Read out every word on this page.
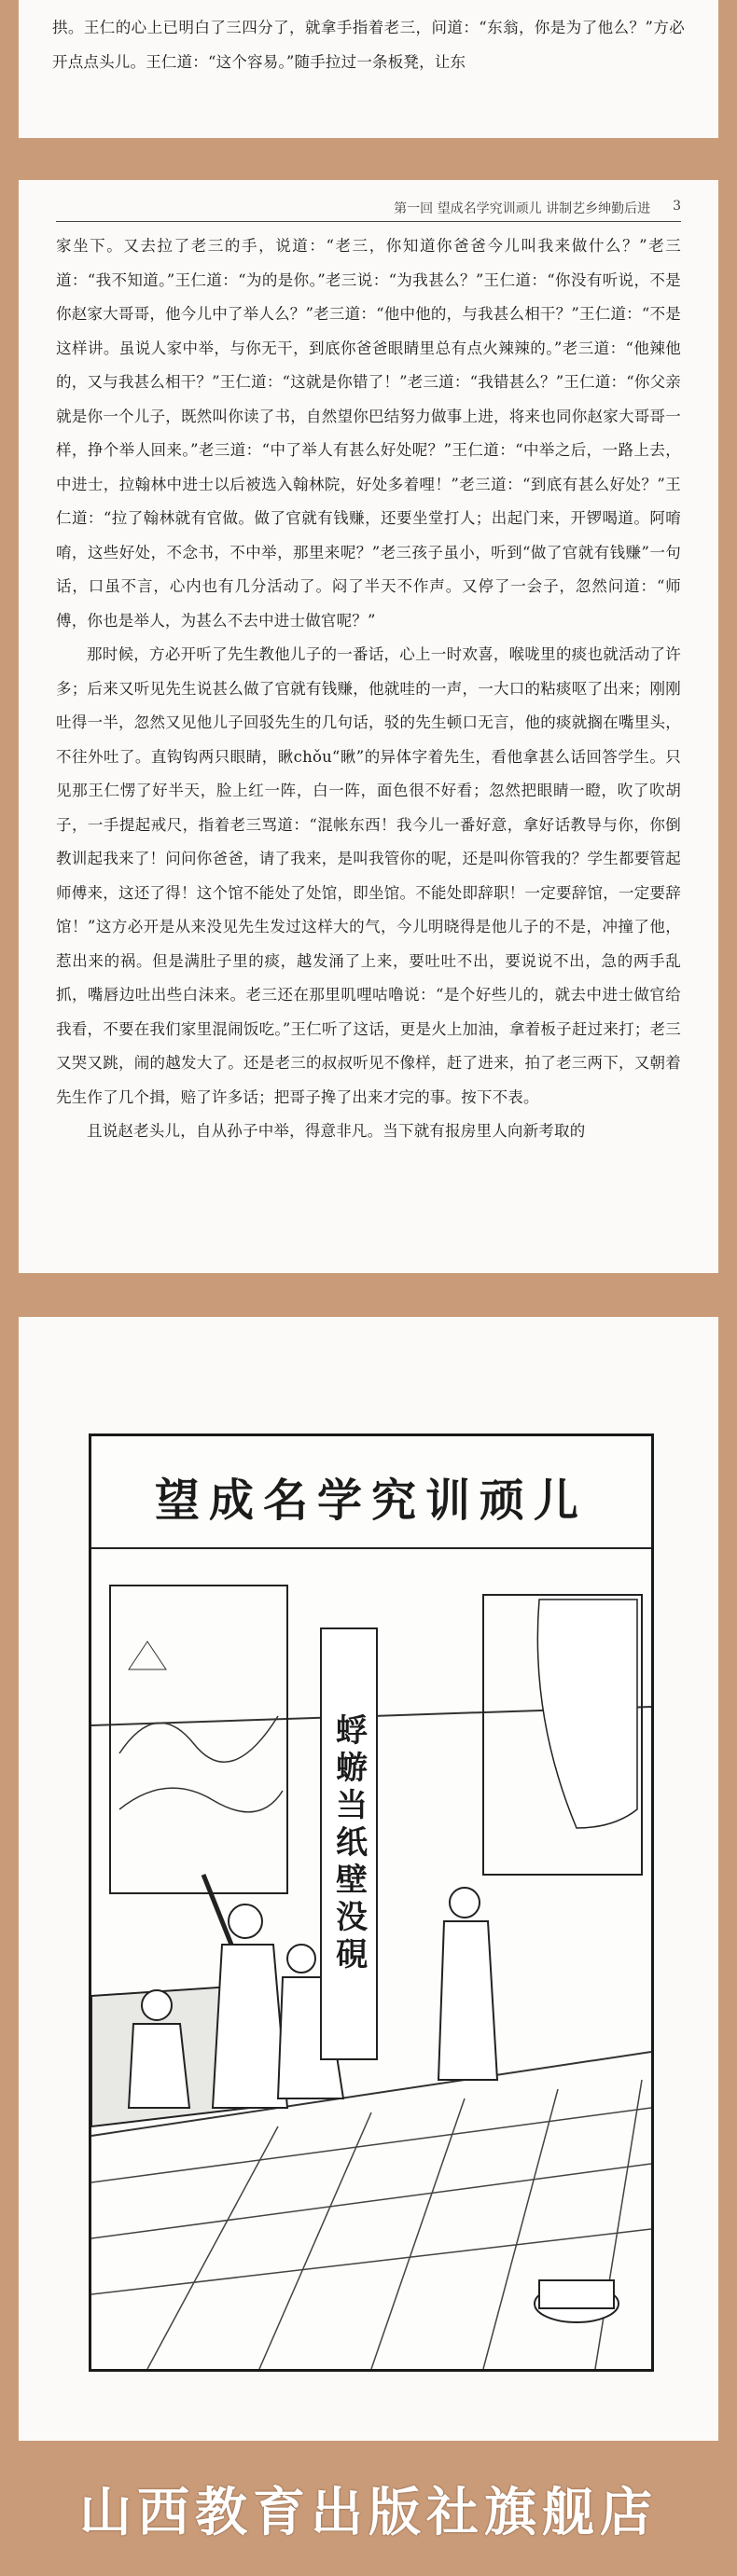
拱。王仁的心上已明白了三四分了，就拿手指着老三，问道：“东翁，你是为了他么？”方必开点点头儿。王仁道：“这个容易。”随手拉过一条板凳，让东
第一回 望成名学究训顽儿 讲制艺乡绅勤后进 3

家坐下。又去拉了老三的手，说道：“老三，你知道你爸爸今儿叫我来做什么？”老三道：“我不知道。”王仁道：“为的是你。”老三说：“为我甚么？”王仁道：“你没有听说，不是你赵家大哥哥，他今儿中了举人么？”老三道：“他中他的，与我甚么相干？”王仁道：“不是这样讲。虽说人家中举，与你无干，到底你爸爸眼睛里总有点火辣辣的。”老三道：“他辣他的，又与我甚么相干？”王仁道：“这就是你错了！”老三道：“我错甚么？”王仁道：“你父亲就是你一个儿子，既然叫你读了书，自然望你巴结努力做事上进，将来也同你赵家大哥哥一样，挣个举人回来。”老三道：“中了举人有甚么好处呢？”王仁道：“中举之后，一路上去，中进士，拉翰林中进士以后被选入翰林院，好处多着哩！”老三道：“到底有甚么好处？”王仁道：“拉了翰林就有官做。做了官就有钱赚，还要坐堂打人；出起门来，开锣喝道。阿唷唷，这些好处，不念书，不中举，那里来呢？”老三孩子虽小，听到“做了官就有钱赚”一句话，口虽不言，心内也有几分活动了。闷了半天不作声。又停了一会子，忽然问道：“师傅，你也是举人，为甚么不去中进士做官呢？”

那时候，方必开听了先生教他儿子的一番话，心上一时欢喜，喉咙里的痰也就活动了许多；后来又听见先生说甚么做了官就有钱赚，他就哇的一声，一大口的粘痰呕了出来；刚刚吐得一半，忽然又见他儿子回驳先生的几句话，驳的先生顿口无言，他的痰就搁在嘴里头，不往外吐了。直钩钩两只眼睛，瞅chǒu“瞅”的异体字着先生，看他拿甚么话回答学生。只见那王仁愣了好半天，脸上红一阵，白一阵，面色很不好看；忽然把眼睛一瞪，吹了吹胡子，一手提起戒尺，指着老三骂道：“混帐东西！我今儿一番好意，拿好话教导与你，你倒教训起我来了！问问你爸爸，请了我来，是叫我管你的呢，还是叫你管我的？学生都要管起师傅来，这还了得！这个馆不能处了处馆，即坐馆。不能处即辞职！一定要辞馆，一定要辞馆！”这方必开是从来没见先生发过这样大的气，今儿明晓得是他儿子的不是，冲撞了他，惹出来的祸。但是满肚子里的痰，越发涌了上来，要吐吐不出，要说说不出，急的两手乱抓，嘴唇边吐出些白沫来。老三还在那里叽哩咕噜说：“是个好些儿的，就去中进士做官给我看，不要在我们家里混闹饭吃。”王仁听了这话，更是火上加油，拿着板子赶过来打；老三又哭又跳，闹的越发大了。还是老三的叔叔听见不像样，赶了进来，拍了老三两下，又朝着先生作了几个揖，赔了许多话；把哥子搀了出来才完的事。按下不表。

且说赵老头儿，自从孙子中举，得意非凡。当下就有报房里人向新考取的

望成名学究训顽儿
蜉蝣当纸壁没硯
山西教育出版社旗舰店
